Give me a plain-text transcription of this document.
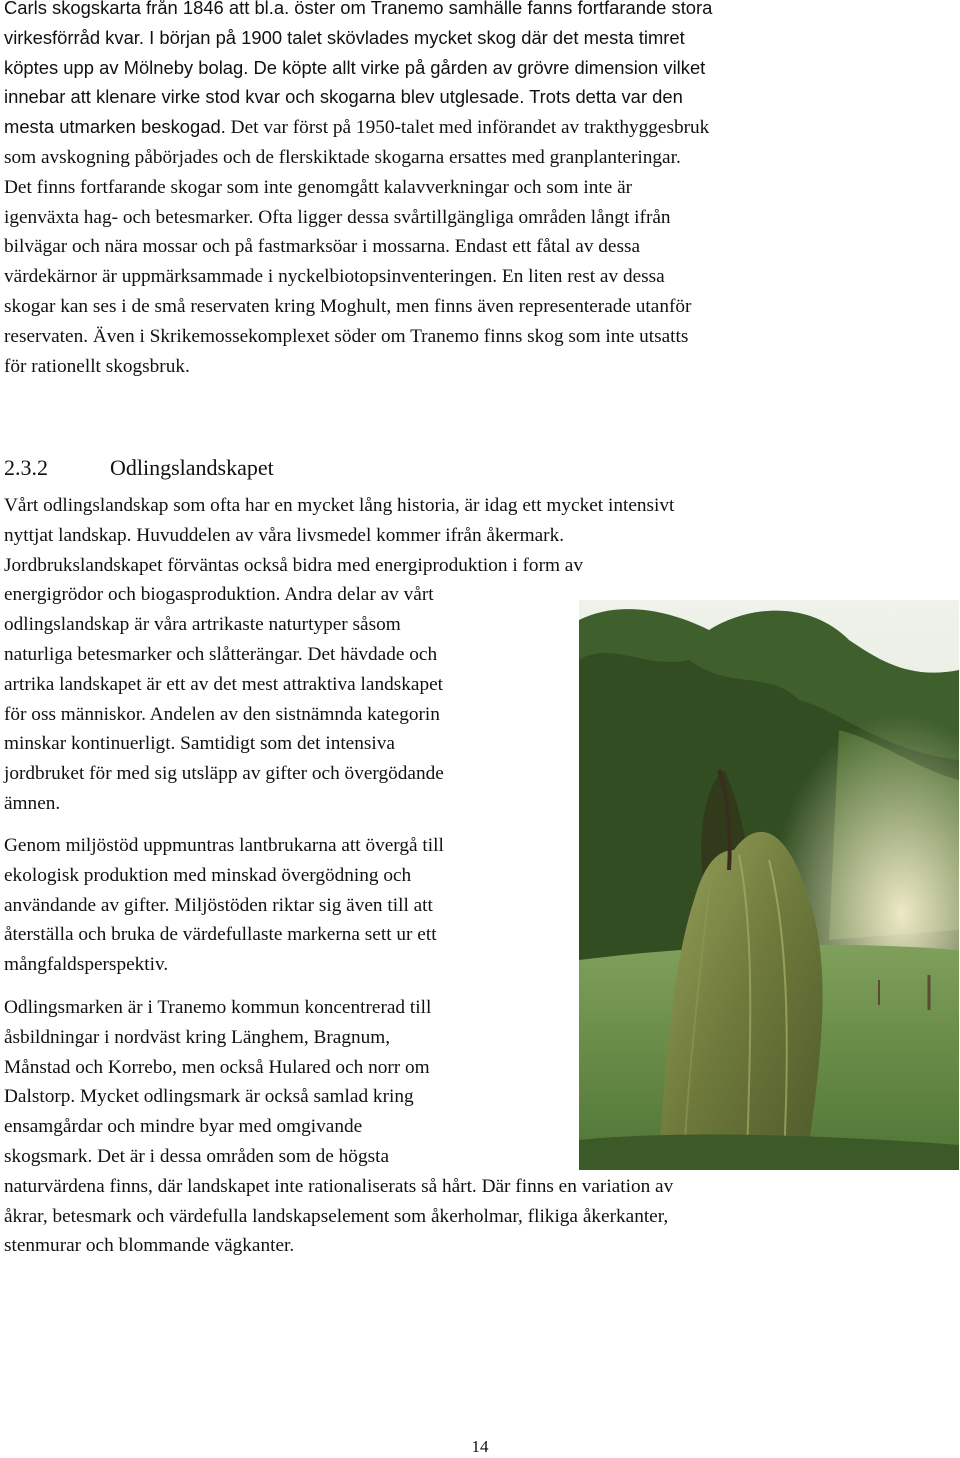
Carls skogskarta från 1846 att bl.a. öster om Tranemo samhälle fanns fortfarande stora
virkesförråd kvar. I början på 1900 talet skövlades mycket skog där det mesta timret
köptes upp av Mölneby bolag. De köpte allt virke på gården av grövre dimension vilket
innebar att klenare virke stod kvar och skogarna blev utglesade. Trots detta var den
mesta utmarken beskogad. Det var först på 1950-talet med införandet av trakthyggesbruk
som avskogning påbörjades och de flerskiktade skogarna ersattes med granplanteringar.
Det finns fortfarande skogar som inte genomgått kalavverkningar och som inte är
igenväxta hag- och betesmarker. Ofta ligger dessa svårtillgängliga områden långt ifrån
bilvägar och nära mossar och på fastmarksöar i mossarna. Endast ett fåtal av dessa
värdekärnor är uppmärksammade i nyckelbiotopsinventeringen. En liten rest av dessa
skogar kan ses i de små reservaten kring Moghult, men finns även representerade utanför
reservaten. Även i Skrikemossekomplexet söder om Tranemo finns skog som inte utsatts
för rationellt skogsbruk.

2.3.2	Odlingslandskapet

Vårt odlingslandskap som ofta har en mycket lång historia, är idag ett mycket intensivt
nyttjat landskap. Huvuddelen av våra livsmedel kommer ifrån åkermark.
Jordbrukslandskapet förväntas också bidra med energiproduktion i form av
energigrödor och biogasproduktion. Andra delar av vårt
odlingslandskap är våra artrikaste naturtyper såsom
naturliga betesmarker och slåtterängar. Det hävdade och
artrika landskapet är ett av det mest attraktiva landskapet
för oss människor. Andelen av den sistnämnda kategorin
minskar kontinuerligt. Samtidigt som det intensiva
jordbruket för med sig utsläpp av gifter och övergödande
ämnen.

Genom miljöstöd uppmuntras lantbrukarna att övergå till
ekologisk produktion med minskad övergödning och
användande av gifter. Miljöstöden riktar sig även till att
återställa och bruka de värdefullaste markerna sett ur ett
mångfaldsperspektiv.

Odlingsmarken är i Tranemo kommun koncentrerad till
åsbildningar i nordväst kring Länghem, Bragnum,
Månstad och Korrebo, men också Hulared och norr om
Dalstorp. Mycket odlingsmark är också samlad kring
ensamgårdar och mindre byar med omgivande
skogsmark. Det är i dessa områden som de högsta
naturvärdena finns, där landskapet inte rationaliserats så hårt. Där finns en variation av
åkrar, betesmark och värdefulla landskapselement som åkerholmar, flikiga åkerkanter,
stenmurar och blommande vägkanter.

14
